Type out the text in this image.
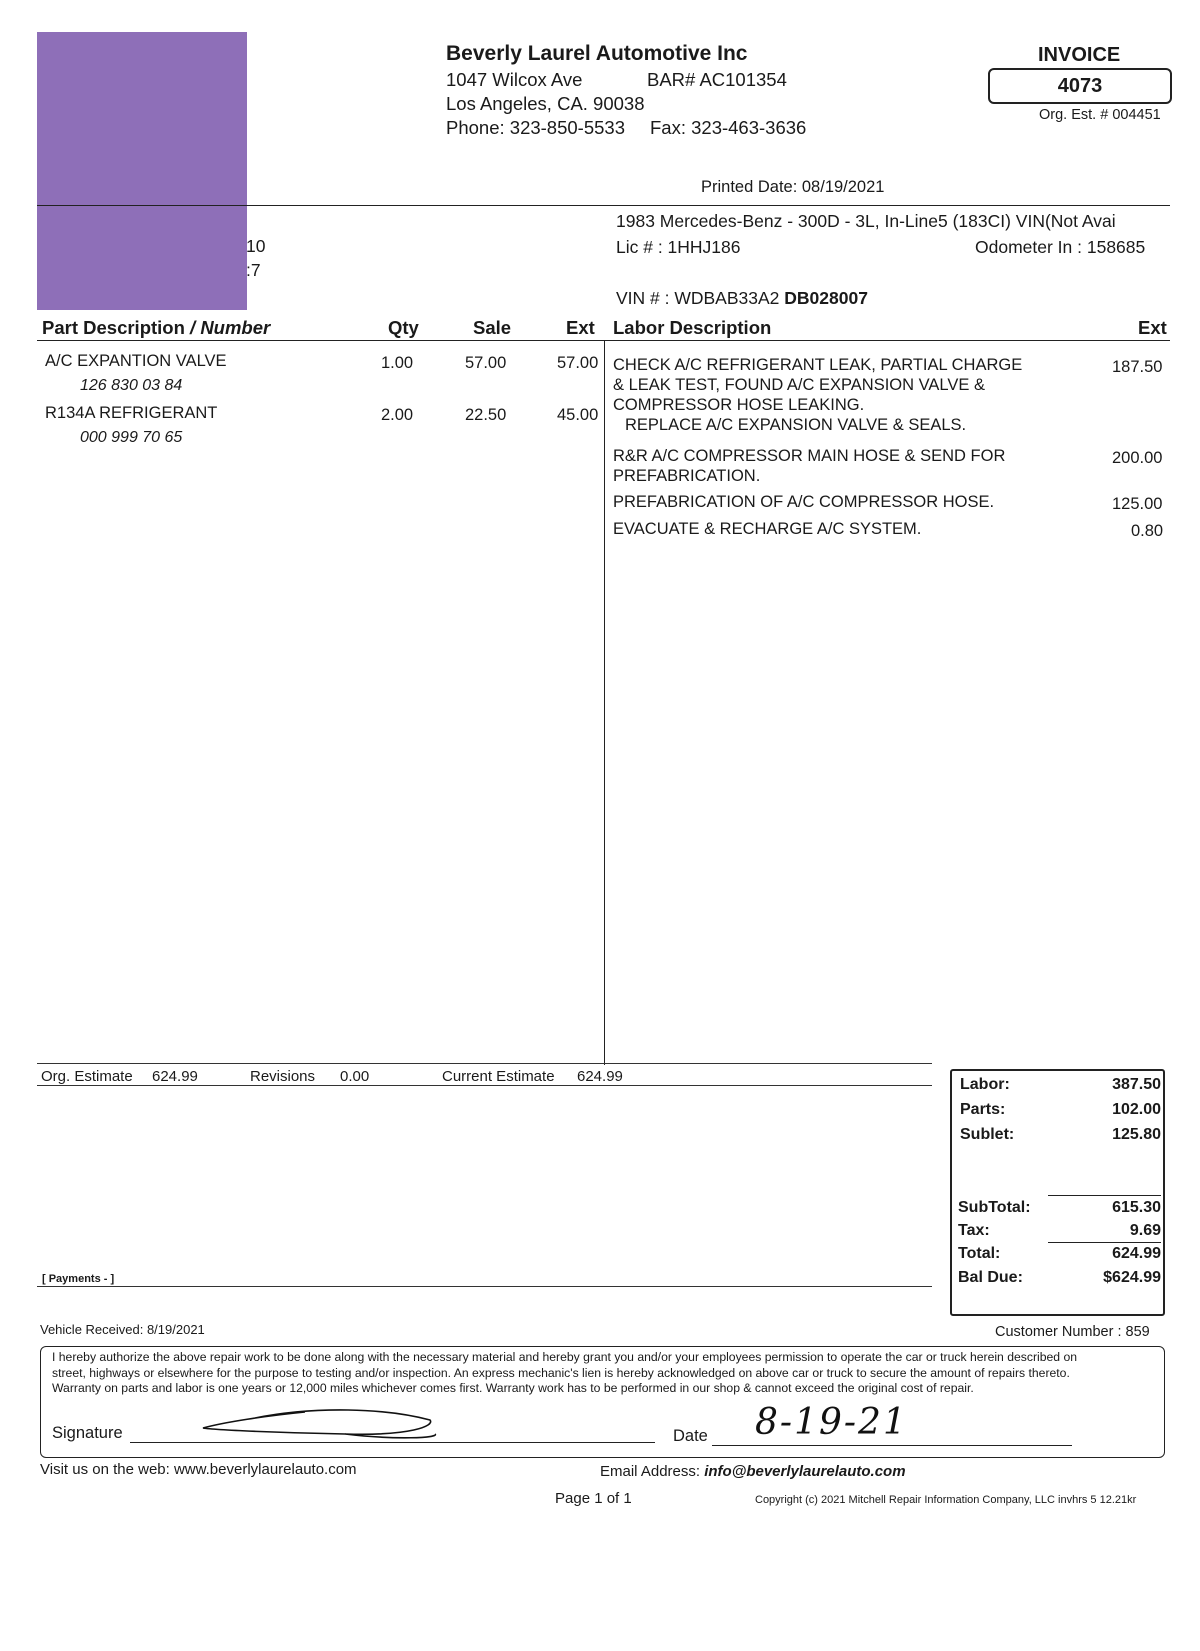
Beverly Laurel Automotive Inc
1047 Wilcox Ave	BAR# AC101354
Los Angeles, CA. 90038
Phone: 323-850-5533 Fax: 323-463-3636
INVOICE
4073
Org. Est. # 004451
Printed Date: 08/19/2021
10
:7
1983 Mercedes-Benz - 300D - 3L, In-Line5 (183CI) VIN(Not Avai
Lic # : 1HHJ186	Odometer In : 158685
VIN # : WDBAB33A2 DB028007
Part Description / Number	Qty	Sale	Ext Labor Description	Ext
A/C EXPANTION VALVE
126 830 03 84
1.00	57.00	57.00
R134A REFRIGERANT
000 999 70 65
2.00	22.50	45.00
CHECK A/C REFRIGERANT LEAK, PARTIAL CHARGE
& LEAK TEST, FOUND A/C EXPANSION VALVE &
COMPRESSOR HOSE LEAKING.
REPLACE A/C EXPANSION VALVE & SEALS.
187.50
R&R A/C COMPRESSOR MAIN HOSE & SEND FOR
PREFABRICATION.
200.00
PREFABRICATION OF A/C COMPRESSOR HOSE.	125.00
EVACUATE & RECHARGE A/C SYSTEM.	0.80
Org. Estimate 624.99	Revisions 0.00	Current Estimate 624.99
[ Payments - ]
Labor:	387.50
Parts:	102.00
Sublet:	125.80
SubTotal:	615.30
Tax:	9.69
Total:	624.99
Bal Due:	$624.99
Vehicle Received: 8/19/2021	Customer Number : 859
I hereby authorize the above repair work to be done along with the necessary material and hereby grant you and/or your employees permission to operate the car or truck herein described on street, highways or elsewhere for the purpose to testing and/or inspection. An express mechanic's lien is hereby acknowledged on above car or truck to secure the amount of repairs thereto. Warranty on parts and labor is one years or 12,000 miles whichever comes first. Warranty work has to be performed in our shop & cannot exceed the original cost of repair.
Signature	Date 8-19-21
Visit us on the web: www.beverlylaurelauto.com	Email Address: info@beverlylaurelauto.com
Page 1 of 1	Copyright (c) 2021 Mitchell Repair Information Company, LLC invhrs 5 12.21kr
